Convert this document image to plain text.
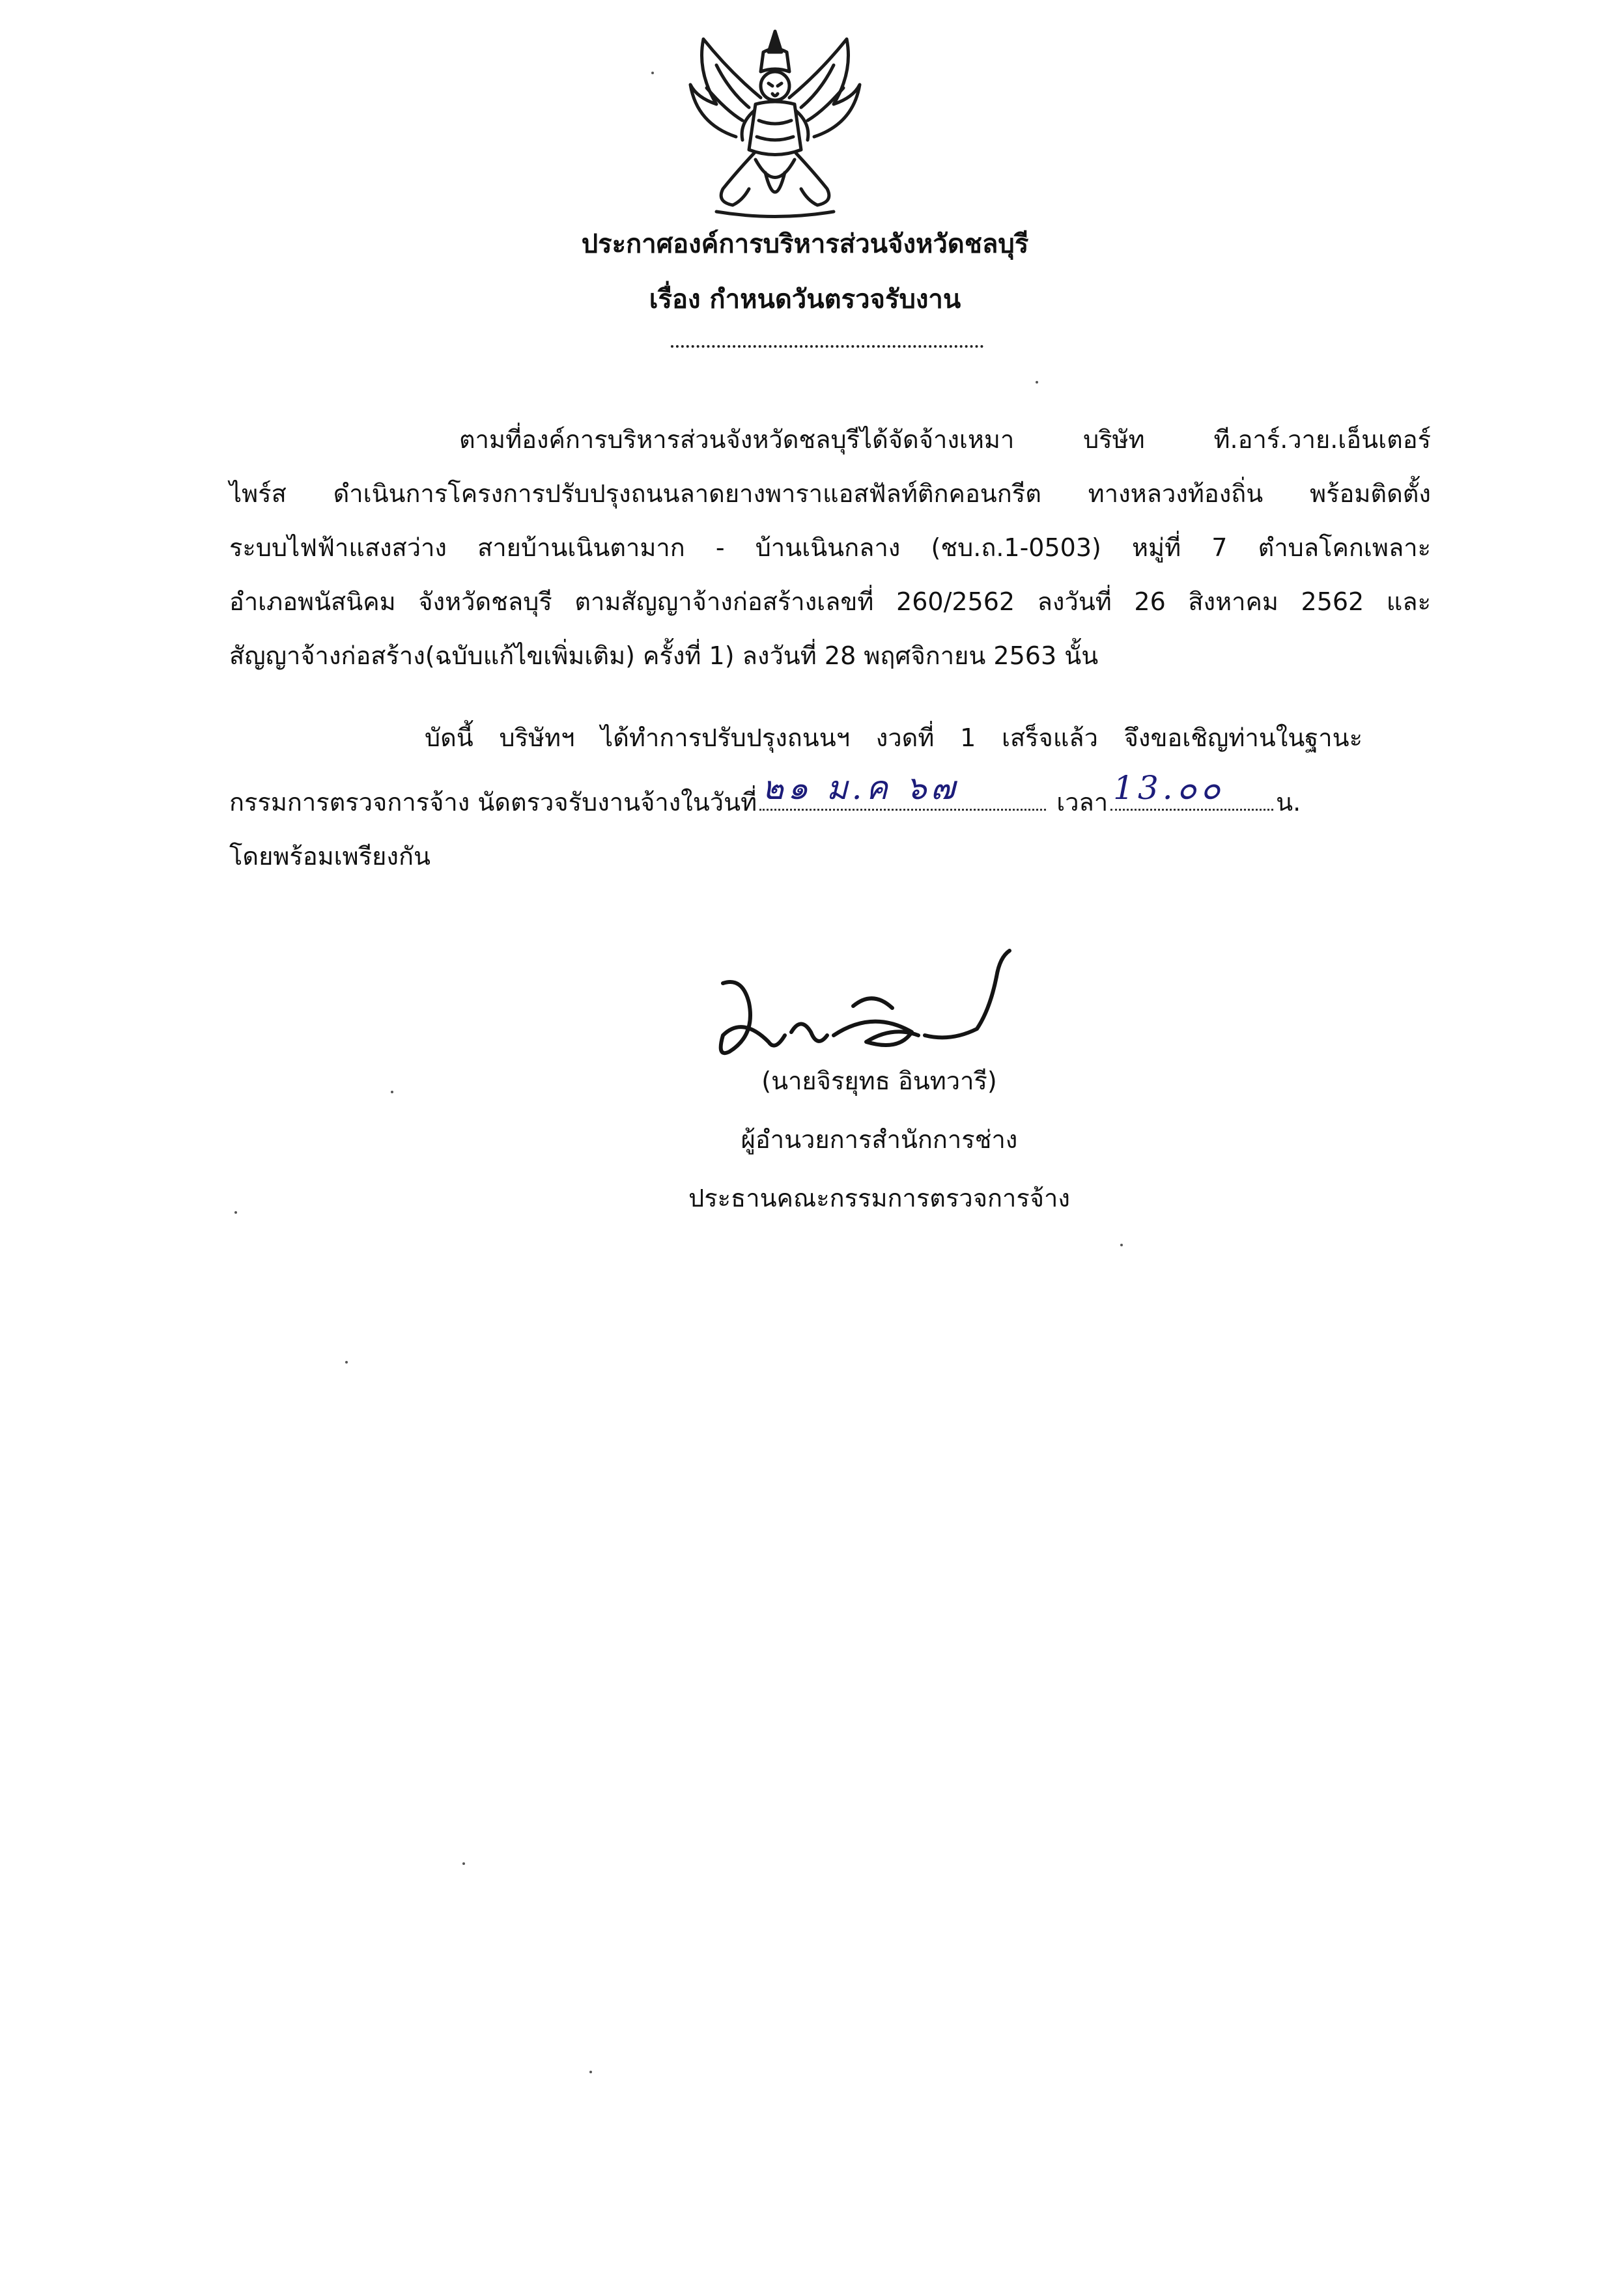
ประกาศองค์การบริหารส่วนจังหวัดชลบุรี
เรื่อง กำหนดวันตรวจรับงาน
ตามที่องค์การบริหารส่วนจังหวัดชลบุรีได้จัดจ้างเหมา บริษัท ที.อาร์.วาย.เอ็นเตอร์
ไพร์ส ดำเนินการโครงการปรับปรุงถนนลาดยางพาราแอสฟัลท์ติกคอนกรีต ทางหลวงท้องถิ่น พร้อมติดตั้ง
ระบบไฟฟ้าแสงสว่าง สายบ้านเนินตามาก - บ้านเนินกลาง (ชบ.ถ.1-0503) หมู่ที่ 7 ตำบลโคกเพลาะ
อำเภอพนัสนิคม จังหวัดชลบุรี ตามสัญญาจ้างก่อสร้างเลขที่ 260/2562 ลงวันที่ 26 สิงหาคม 2562 และ
สัญญาจ้างก่อสร้าง(ฉบับแก้ไขเพิ่มเติม) ครั้งที่ 1) ลงวันที่ 28 พฤศจิกายน 2563 นั้น
บัดนี้ บริษัทฯ ได้ทำการปรับปรุงถนนฯ งวดที่ 1 เสร็จแล้ว จึงขอเชิญท่านในฐานะ
กรรมการตรวจการจ้าง นัดตรวจรับงานจ้างในวันที่ ๒๑ ม.ค ๖๗	เวลา 13.๐๐ น.
โดยพร้อมเพรียงกัน
(นายจิรยุทธ อินทวารี)
ผู้อำนวยการสำนักการช่าง
ประธานคณะกรรมการตรวจการจ้าง
